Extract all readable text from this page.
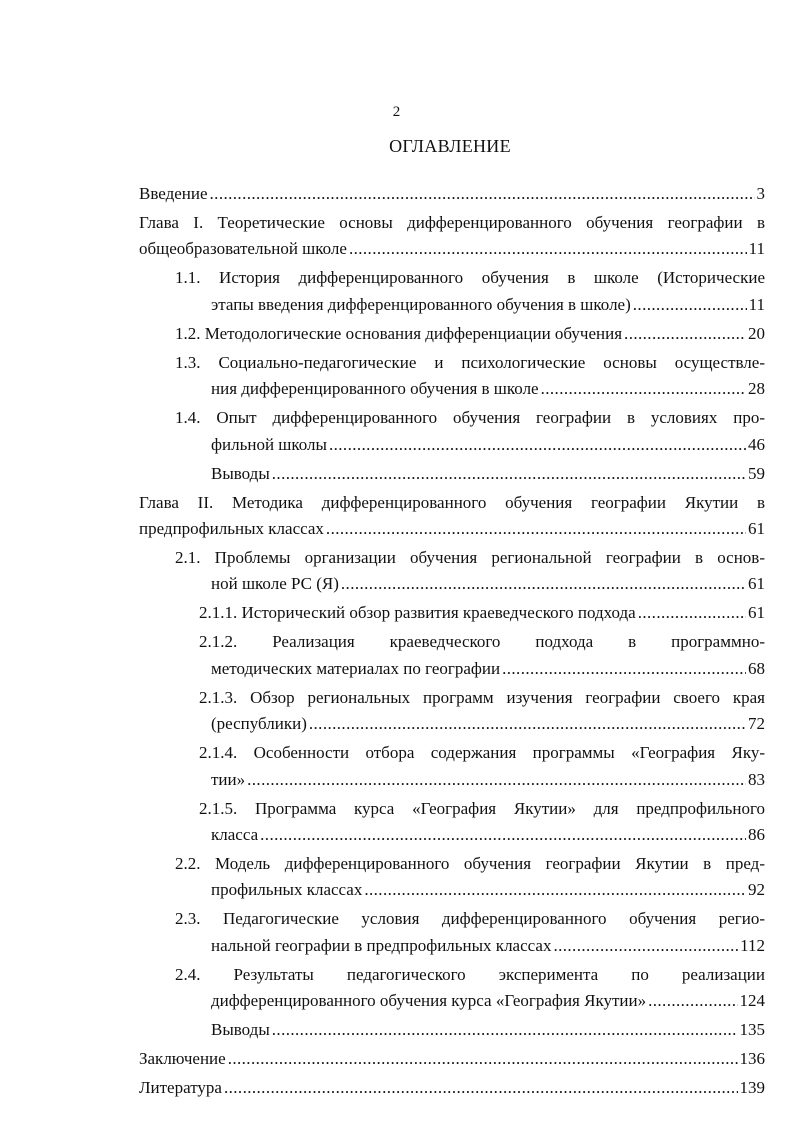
2
ОГЛАВЛЕНИЕ
Введение .....	3
Глава I. Теоретические основы дифференцированного обучения географии в
общеобразовательной школе .....	11
1.1. История дифференцированного обучения в школе (Исторические
этапы введения дифференцированного обучения в школе) .....	11
1.2. Методологические основания дифференциации обучения .....	20
1.3. Социально-педагогические и психологические основы осуществле-
ния дифференцированного обучения в школе .....	28
1.4. Опыт дифференцированного обучения географии в условиях про-
фильной школы .....	46
Выводы .....	59
Глава II. Методика дифференцированного обучения географии Якутии в
предпрофильных классах .....	61
2.1. Проблемы организации обучения региональной географии в основ-
ной школе РС (Я) .....	61
2.1.1. Исторический обзор развития краеведческого подхода .....	61
2.1.2. Реализация краеведческого подхода в программно-
методических материалах по географии .....	68
2.1.3. Обзор региональных программ изучения географии своего края
(республики) .....	72
2.1.4. Особенности отбора содержания программы «География Яку-
тии» .....	83
2.1.5. Программа курса «География Якутии» для предпрофильного
класса .....	86
2.2. Модель дифференцированного обучения географии Якутии в пред-
профильных классах .....	92
2.3. Педагогические условия дифференцированного обучения регио-
нальной географии в предпрофильных классах .....	112
2.4. Результаты педагогического эксперимента по реализации
дифференцированного обучения курса «География Якутии» .....	124
Выводы .....	135
Заключение .....	136
Литература .....	139
